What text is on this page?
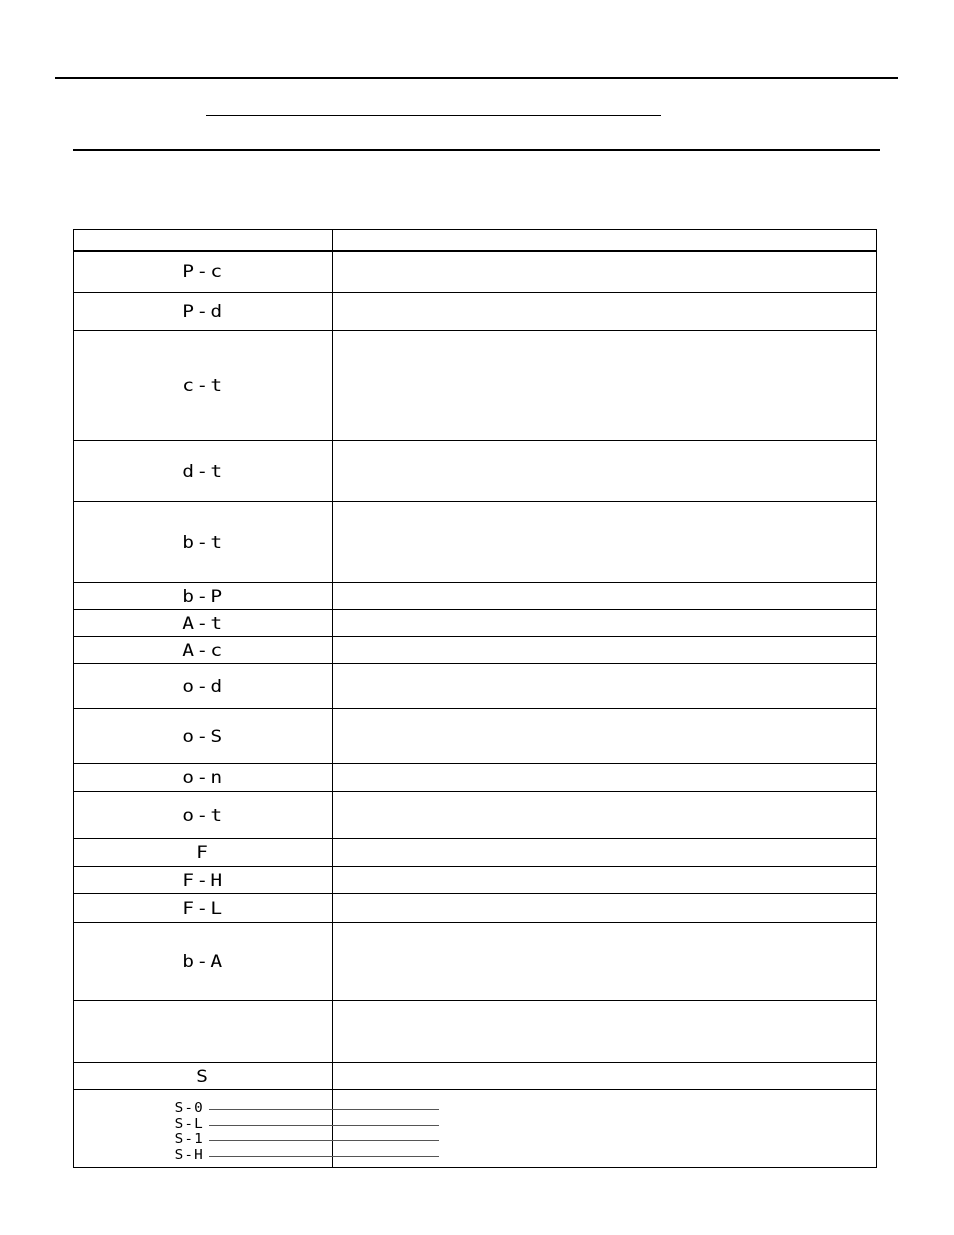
P-c	
P-d	
c-t	
d-t	
b-t	
b-P	
A-t	
A-c	
o-d	
o-S	
o-n	
o-t	
F	
F-H	
F-L	
b-A	

S	

S-0
S-L
S-1
S-H	
